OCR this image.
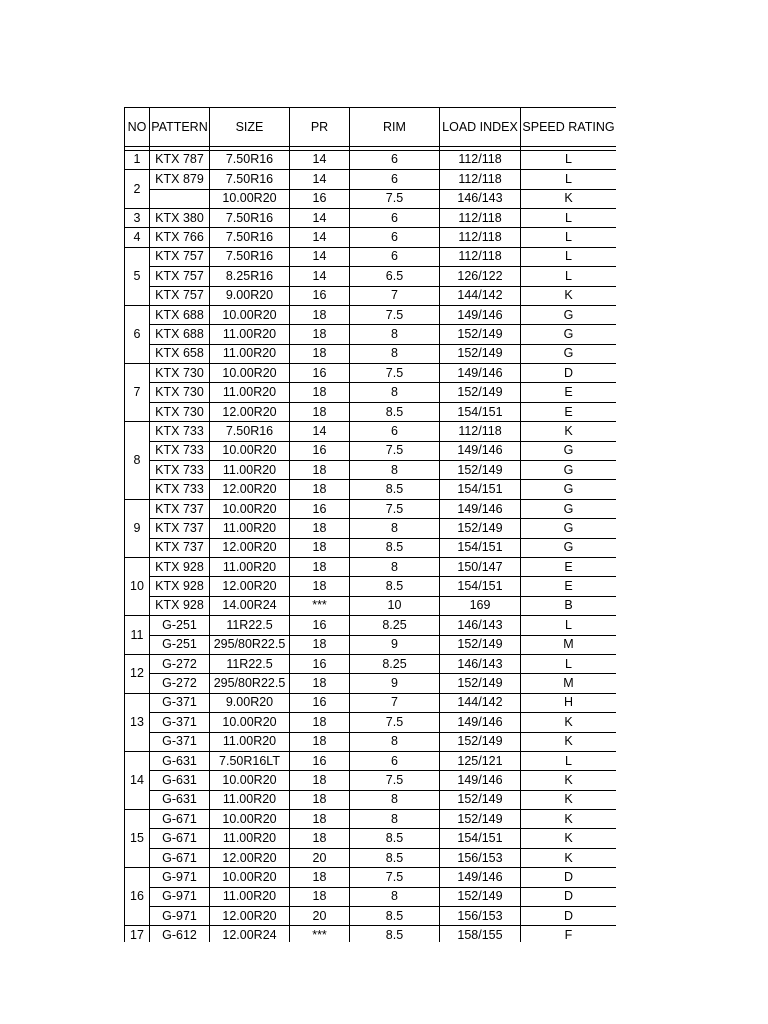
NO	PATTERN	SIZE	PR	RIM	LOAD INDEX	SPEED RATING

1	KTX 787	7.50R16	14	6	112/118	L
2	KTX 879	7.50R16	14	6	112/118	L
		10.00R20	16	7.5	146/143	K
3	KTX 380	7.50R16	14	6	112/118	L
4	KTX 766	7.50R16	14	6	112/118	L
5	KTX 757	7.50R16	14	6	112/118	L
	KTX 757	8.25R16	14	6.5	126/122	L
	KTX 757	9.00R20	16	7	144/142	K
6	KTX 688	10.00R20	18	7.5	149/146	G
	KTX 688	11.00R20	18	8	152/149	G
	KTX 658	11.00R20	18	8	152/149	G
7	KTX 730	10.00R20	16	7.5	149/146	D
	KTX 730	11.00R20	18	8	152/149	E
	KTX 730	12.00R20	18	8.5	154/151	E
8	KTX 733	7.50R16	14	6	112/118	K
	KTX 733	10.00R20	16	7.5	149/146	G
	KTX 733	11.00R20	18	8	152/149	G
	KTX 733	12.00R20	18	8.5	154/151	G
9	KTX 737	10.00R20	16	7.5	149/146	G
	KTX 737	11.00R20	18	8	152/149	G
	KTX 737	12.00R20	18	8.5	154/151	G
10	KTX 928	11.00R20	18	8	150/147	E
	KTX 928	12.00R20	18	8.5	154/151	E
	KTX 928	14.00R24	***	10	169	B
11	G-251	11R22.5	16	8.25	146/143	L
	G-251	295/80R22.5	18	9	152/149	M
12	G-272	11R22.5	16	8.25	146/143	L
	G-272	295/80R22.5	18	9	152/149	M
13	G-371	9.00R20	16	7	144/142	H
	G-371	10.00R20	18	7.5	149/146	K
	G-371	11.00R20	18	8	152/149	K
14	G-631	7.50R16LT	16	6	125/121	L
	G-631	10.00R20	18	7.5	149/146	K
	G-631	11.00R20	18	8	152/149	K
15	G-671	10.00R20	18	8	152/149	K
	G-671	11.00R20	18	8.5	154/151	K
	G-671	12.00R20	20	8.5	156/153	K
16	G-971	10.00R20	18	7.5	149/146	D
	G-971	11.00R20	18	8	152/149	D
	G-971	12.00R20	20	8.5	156/153	D
17	G-612	12.00R24	***	8.5	158/155	F
